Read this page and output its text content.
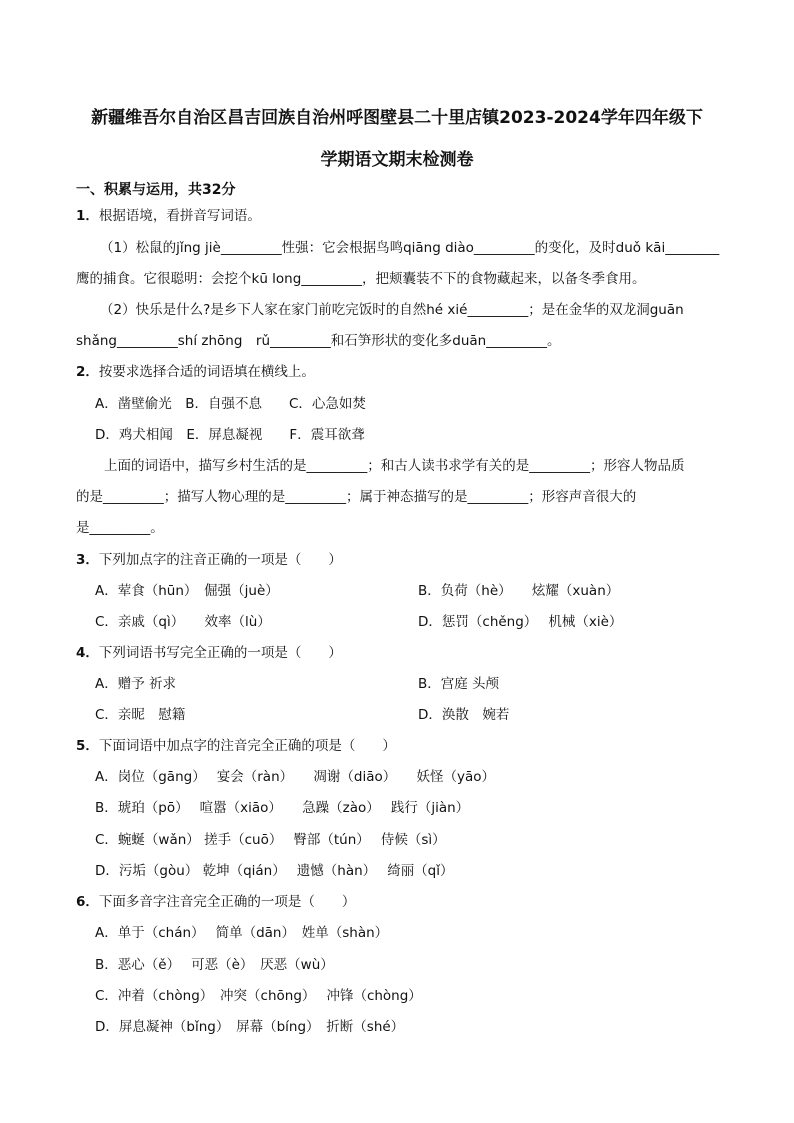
新疆维吾尔自治区昌吉回族自治州呼图壁县二十里店镇2023-2024学年四年级下
学期语文期末检测卷
一、积累与运用，共32分
1．根据语境，看拼音写词语。
（1）松鼠的jǐng jiè_________性强：它会根据鸟鸣qiāng diào_________的变化，及时duǒ kāi________
鹰的捕食。它很聪明：会挖个kū long_________，把颊囊装不下的食物藏起来，以备冬季食用。
（2）快乐是什么?是乡下人家在家门前吃完饭时的自然hé xié_________；是在金华的双龙洞guān
shǎng_________shí zhōng　rǔ_________和石笋形状的变化多duān_________。
2．按要求选择合适的词语填在横线上。
A．凿壁偷光　B．自强不息　　C．心急如焚
D．鸡犬相闻　E．屏息凝视　　F．震耳欲聋
上面的词语中，描写乡村生活的是_________；和古人读书求学有关的是_________；形容人物品质
的是_________；描写人物心理的是_________；属于神态描写的是_________；形容声音很大的
是_________。
3．下列加点字的注音正确的一项是（　　）
A．荤食（hūn）　倔强（juè）	B．负荷（hè）　　炫耀（xuàn）
C．亲戚（qì）　　效率（lù）	D．惩罚（chěng）　 机械（xiè）
4．下列词语书写完全正确的一项是（　　）
A．赠予 祈求	B．宫庭 头颅
C．亲昵　慰籍	D．涣散　婉若
5．下面词语中加点字的注音完全正确的项是（　　）
A．岗位（gāng）　 宴会（ràn）　　凋谢（diāo）　　妖怪（yāo）
B．琥珀（pō）　 喧嚣（xiāo）　　急躁（zào）　 践行（jiàn）
C．蜿蜒（wǎn） 搓手（cuō）　 臀部（tún）　 侍候（sì）
D．污垢（gòu） 乾坤（qián）　 遗憾（hàn）　 绮丽（qǐ）
6．下面多音字注音完全正确的一项是（　　）
A．单于（chán）　 简单（dān）　姓单（shàn）
B．恶心（ě）　 可恶（è）　厌恶（wù）
C．冲着（chòng）　冲突（chōng）　 冲锋（chòng）
D．屏息凝神（bǐng）　屏幕（bíng）　折断（shé）
